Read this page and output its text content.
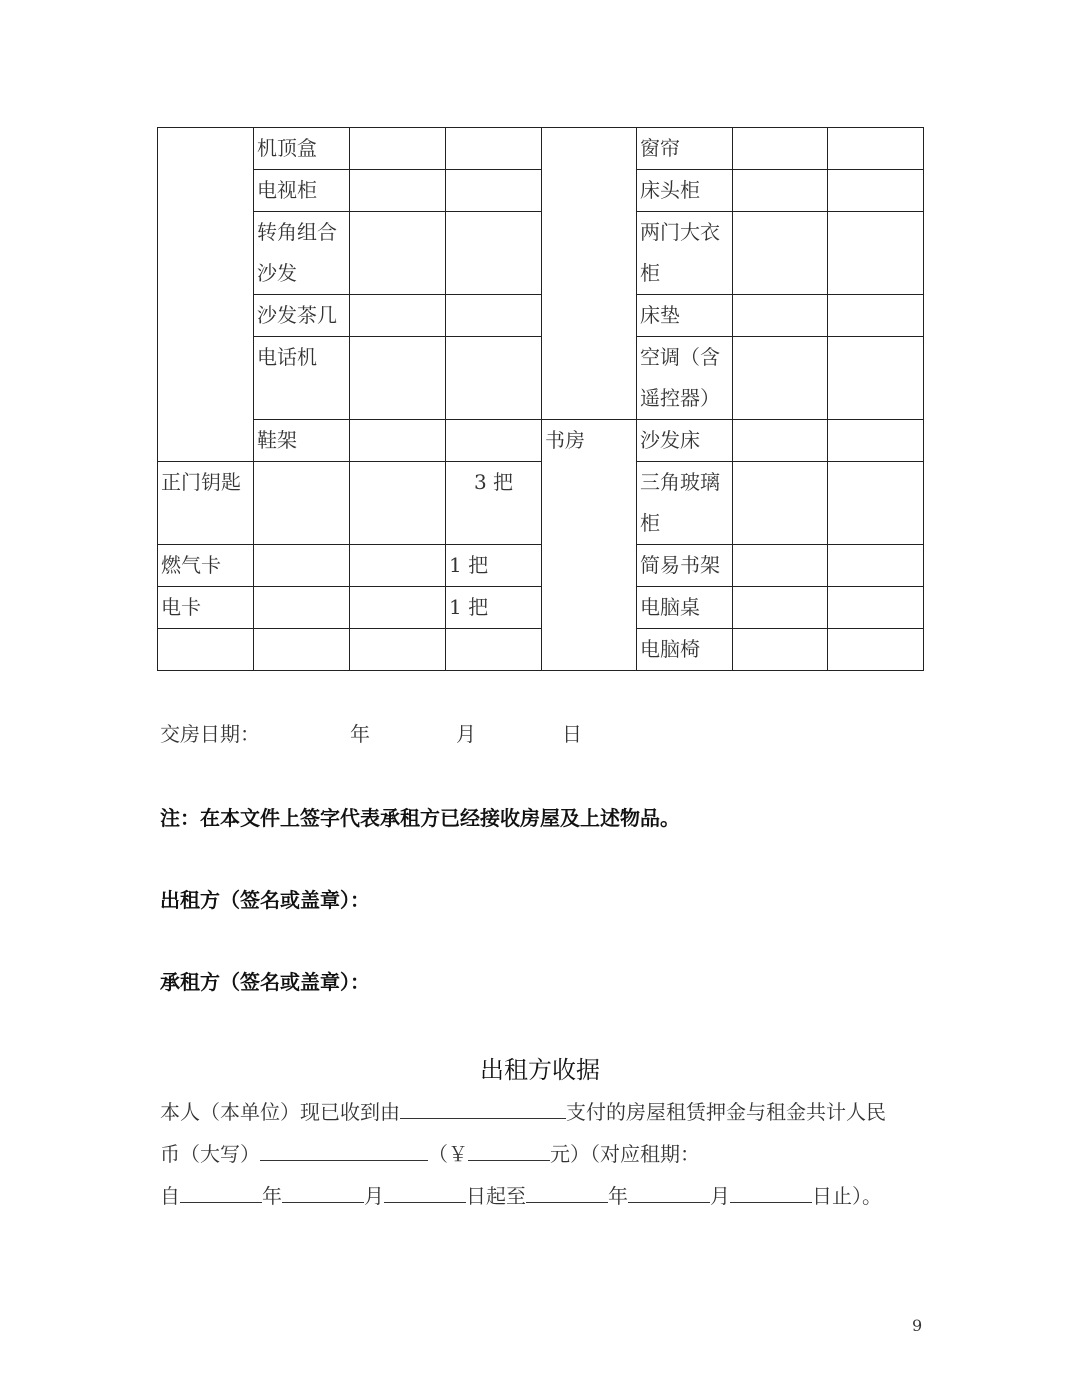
	机顶盒				窗帘		
	电视柜				床头柜		
	转角组合沙发				两门大衣柜		
	沙发茶几				床垫		
	电话机				空调（含遥控器）		
	鞋架			书房	沙发床		
正门钥匙			3 把		三角玻璃柜		
燃气卡			1 把		简易书架		
电卡			1 把		电脑桌		
					电脑椅		
交房日期：	年	月	日
注：在本文件上签字代表承租方已经接收房屋及上述物品。
出租方（签名或盖章）：
承租方（签名或盖章）：
出租方收据
本人（本单位）现已收到由	支付的房屋租赁押金与租金共计人民
币（大写）	（￥	元）（对应租期：
自	年	月	日起至	年	月	日止）。
9
